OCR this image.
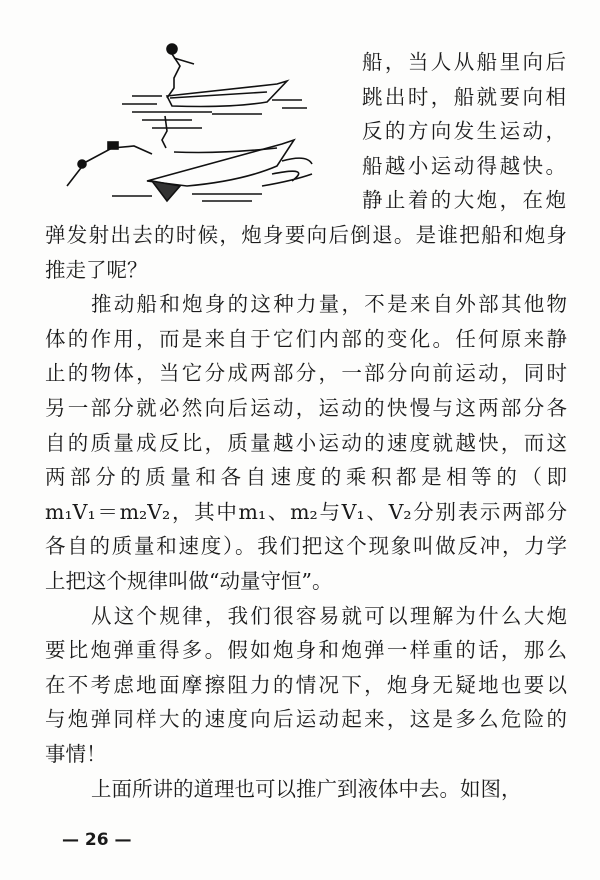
— 26 —
船，当人从船里向后
跳出时，船就要向相
反的方向发生运动，
船越小运动得越快。
静止着的大炮，在炮
弹发射出去的时候，炮身要向后倒退。是谁把船和炮身
推走了呢？
推动船和炮身的这种力量，不是来自外部其他物
体的作用，而是来自于它们内部的变化。任何原来静
止的物体，当它分成两部分，一部分向前运动，同时
另一部分就必然向后运动，运动的快慢与这两部分各
自的质量成反比，质量越小运动的速度就越快，而这
两部分的质量和各自速度的乘积都是相等的（即
m₁V₁＝m₂V₂，其中m₁、m₂与V₁、V₂分别表示两部分
各自的质量和速度）。我们把这个现象叫做反冲，力学
上把这个规律叫做“动量守恒”。
从这个规律，我们很容易就可以理解为什么大炮
要比炮弹重得多。假如炮身和炮弹一样重的话，那么
在不考虑地面摩擦阻力的情况下，炮身无疑地也要以
与炮弹同样大的速度向后运动起来，这是多么危险的
事情！
上面所讲的道理也可以推广到液体中去。如图，
